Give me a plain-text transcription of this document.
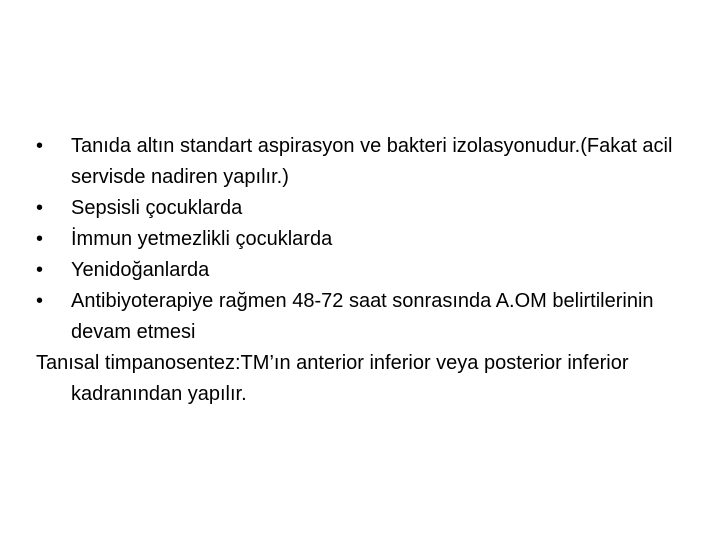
•	Tanıda altın standart aspirasyon ve bakteri izolasyonudur.(Fakat acil servisde nadiren yapılır.)
•	Sepsisli çocuklarda
•	İmmun yetmezlikli çocuklarda
•	Yenidoğanlarda
•	Antibiyoterapiye rağmen 48-72 saat sonrasında A.OM belirtilerinin devam etmesi

Tanısal timpanosentez:TM’ın anterior inferior veya posterior inferior kadranından yapılır.
